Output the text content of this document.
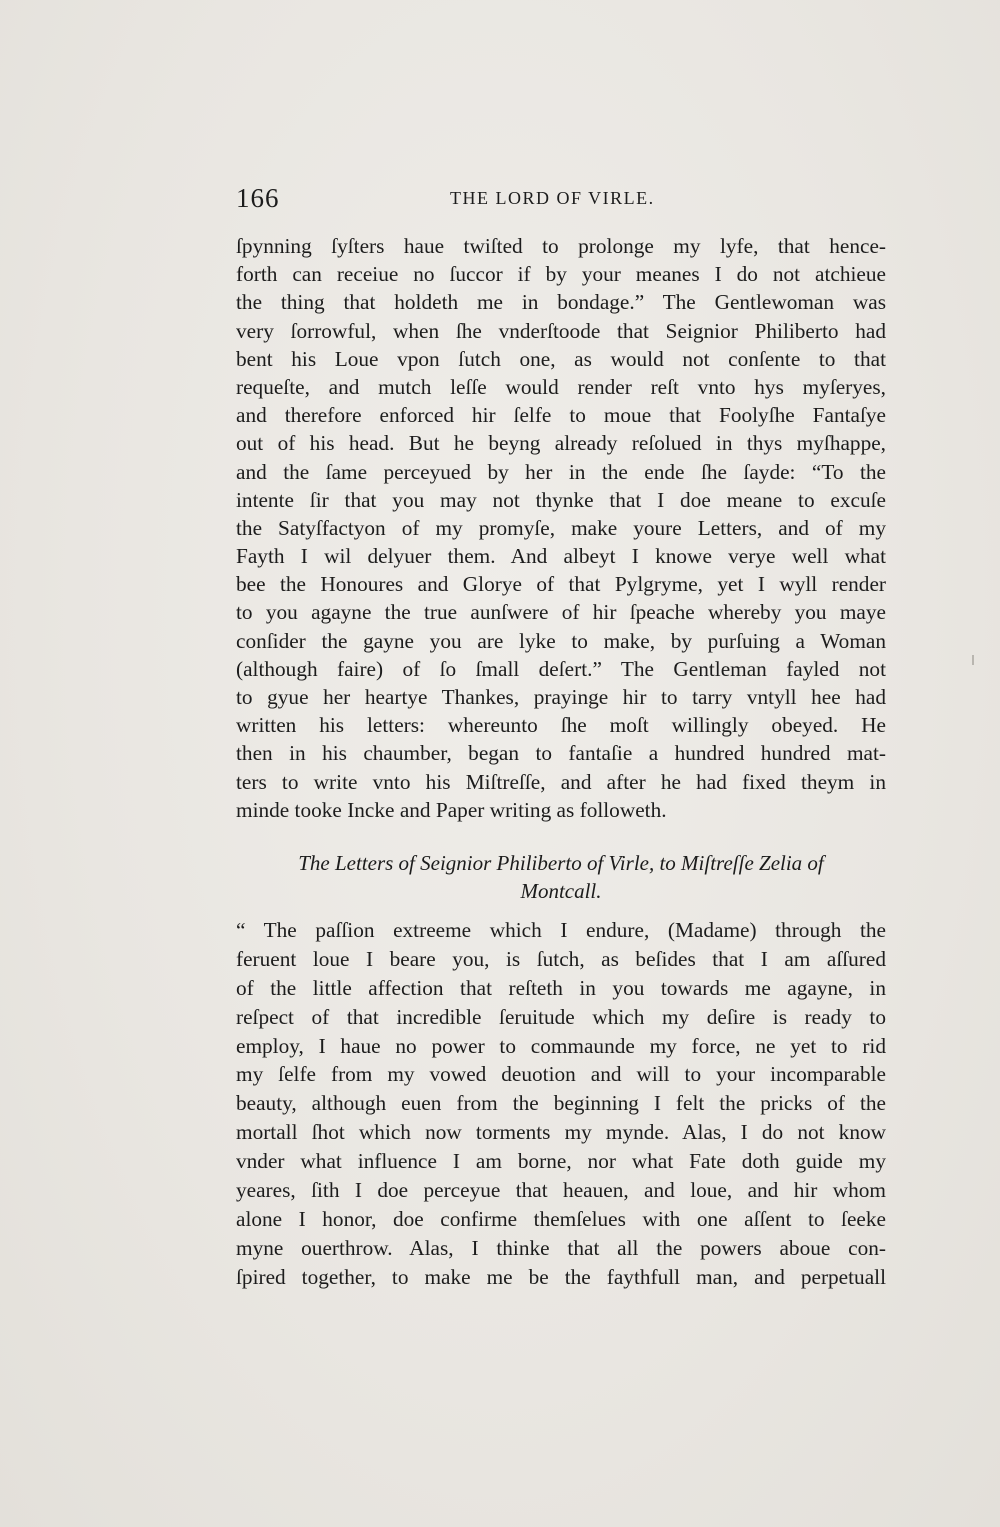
166	THE LORD OF VIRLE.
ſpynning ſyſters haue twiſted to prolonge my lyfe, that hence-
forth can receiue no ſuccor if by your meanes I do not atchieue
the thing that holdeth me in bondage.” The Gentlewoman was
very ſorrowful, when ſhe vnderſtoode that Seignior Philiberto had
bent his Loue vpon ſutch one, as would not conſente to that
requeſte, and mutch leſſe would render reſt vnto hys myſeryes,
and therefore enforced hir ſelfe to moue that Foolyſhe Fantaſye
out of his head. But he beyng already reſolued in thys myſhappe,
and the ſame perceyued by her in the ende ſhe ſayde: “To the
intente ſir that you may not thynke that I doe meane to excuſe
the Satyſfactyon of my promyſe, make youre Letters, and of my
Fayth I wil delyuer them. And albeyt I knowe verye well what
bee the Honoures and Glorye of that Pylgryme, yet I wyll render
to you agayne the true aunſwere of hir ſpeache whereby you maye
conſider the gayne you are lyke to make, by purſuing a Woman
(although faire) of ſo ſmall deſert.” The Gentleman fayled not
to gyue her heartye Thankes, prayinge hir to tarry vntyll hee had
written his letters: whereunto ſhe moſt willingly obeyed. He
then in his chaumber, began to fantaſie a hundred hundred mat-
ters to write vnto his Miſtreſſe, and after he had fixed theym in
minde tooke Incke and Paper writing as followeth.
The Letters of Seignior Philiberto of Virle, to Miſtreſſe Zelia of
Montcall.
“ The paſſion extreeme which I endure, (Madame) through the
feruent loue I beare you, is ſutch, as beſides that I am aſſured
of the little affection that reſteth in you towards me agayne, in
reſpect of that incredible ſeruitude which my deſire is ready to
employ, I haue no power to commaunde my force, ne yet to rid
my ſelfe from my vowed deuotion and will to your incomparable
beauty, although euen from the beginning I felt the pricks of the
mortall ſhot which now torments my mynde. Alas, I do not know
vnder what influence I am borne, nor what Fate doth guide my
yeares, ſith I doe perceyue that heauen, and loue, and hir whom
alone I honor, doe confirme themſelues with one aſſent to ſeeke
myne ouerthrow. Alas, I thinke that all the powers aboue con-
ſpired together, to make me be the faythfull man, and perpetuall
